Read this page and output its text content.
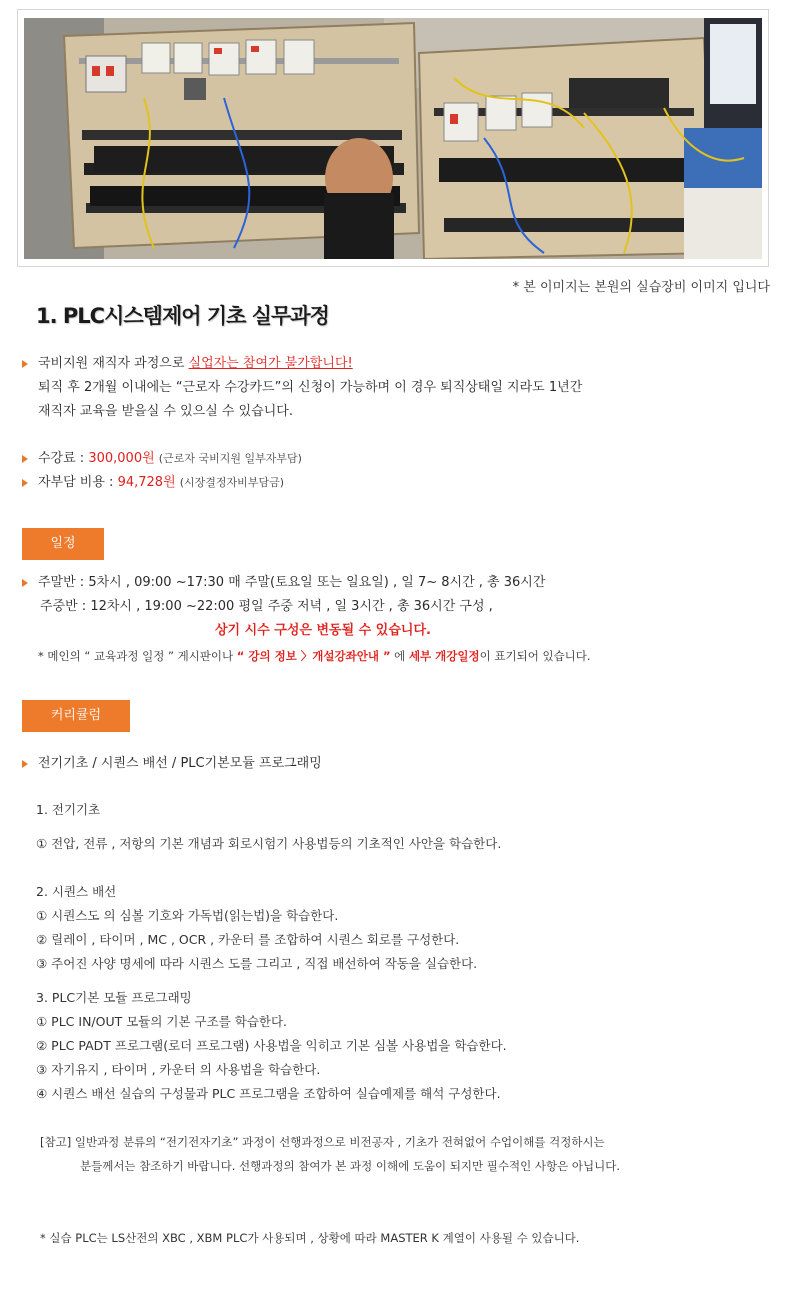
* 본 이미지는 본원의 실습장비 이미지 입니다
1. PLC시스템제어 기초 실무과정
국비지원 재직자 과정으로 실업자는 참여가 불가합니다!
퇴직 후 2개월 이내에는 “근로자 수강카드”의 신청이 가능하며 이 경우 퇴직상태일 지라도 1년간
재직자 교육을 받을실 수 있으실 수 있습니다.
수강료 : 300,000원 (근로자 국비지원 일부자부담)
자부담 비용 : 94,728원 (시장결정자비부담금)
일정
주말반 : 5차시 , 09:00 ~17:30 매 주말(토요일 또는 일요일) , 일 7~ 8시간 , 총 36시간
주중반 : 12차시 , 19:00 ~22:00 평일 주중 저녁 , 일 3시간 , 총 36시간 구성 ,
상기 시수 구성은 변동될 수 있습니다.
* 메인의 “ 교육과정 일정 ” 게시판이나 “ 강의 정보 〉개설강좌안내 ” 에 세부 개강일정이 표기되어 있습니다.
커리큘럼
전기기초 / 시퀀스 배선 / PLC기본모듈 프로그래밍
1. 전기기초
① 전압, 전류 , 저항의 기본 개념과 회로시험기 사용법등의 기초적인 사안을 학습한다.
2. 시퀀스 배선
① 시퀀스도 의 심볼 기호와 가독법(읽는법)을 학습한다.
② 릴레이 , 타이머 , MC , OCR , 카운터 를 조합하여 시퀀스 회로를 구성한다.
③ 주어진 사양 명세에 따라 시퀀스 도를 그리고 , 직접 배선하여 작동을 실습한다.
3. PLC기본 모듈 프로그래밍
① PLC IN/OUT 모듈의 기본 구조를 학습한다.
② PLC PADT 프로그램(로더 프로그램) 사용법을 익히고 기본 심볼 사용법을 학습한다.
③ 자기유지 , 타이머 , 카운터 의 사용법을 학습한다.
④ 시퀀스 배선 실습의 구성물과 PLC 프로그램을 조합하여 실습예제를 해석 구성한다.
[참고] 일반과정 분류의 “전기전자기초” 과정이 선행과정으로 비전공자 , 기초가 전혀없어 수업이해를 걱정하시는
분들께서는 참조하기 바랍니다. 선행과정의 참여가 본 과정 이해에 도움이 되지만 필수적인 사항은 아닙니다.
* 실습 PLC는 LS산전의 XBC , XBM PLC가 사용되며 , 상황에 따라 MASTER K 계열이 사용될 수 있습니다.
